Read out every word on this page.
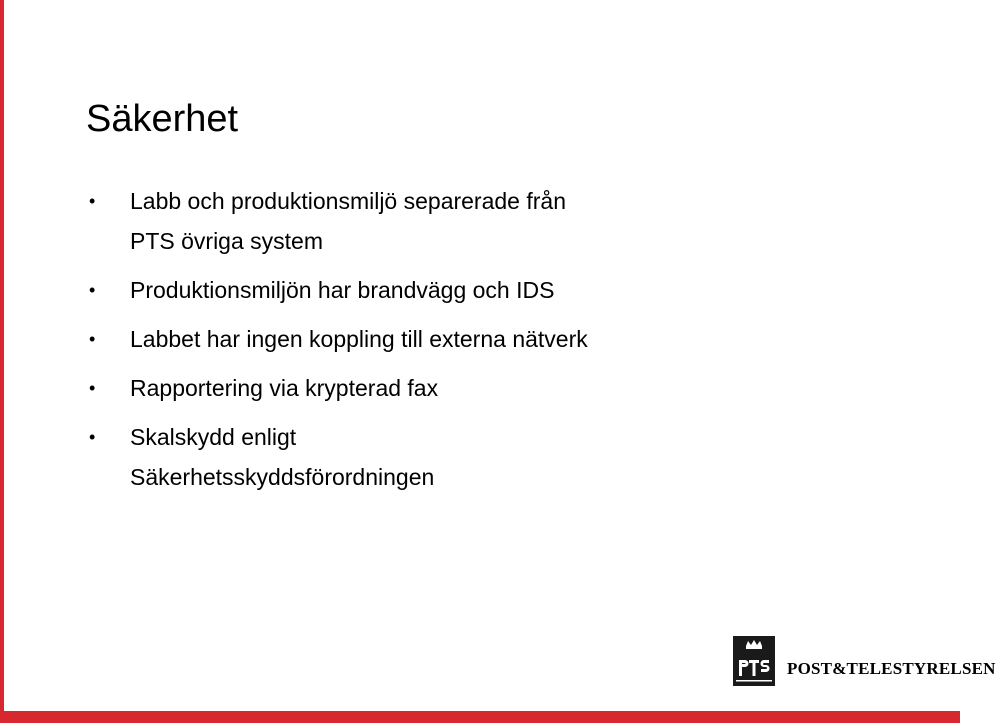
Säkerhet
• Labb och produktionsmiljö separerade från
PTS övriga system
• Produktionsmiljön har brandvägg och IDS
• Labbet har ingen koppling till externa nätverk
• Rapportering via krypterad fax
• Skalskydd enligt
Säkerhetsskyddsförordningen
POST&TELESTYRELSEN
